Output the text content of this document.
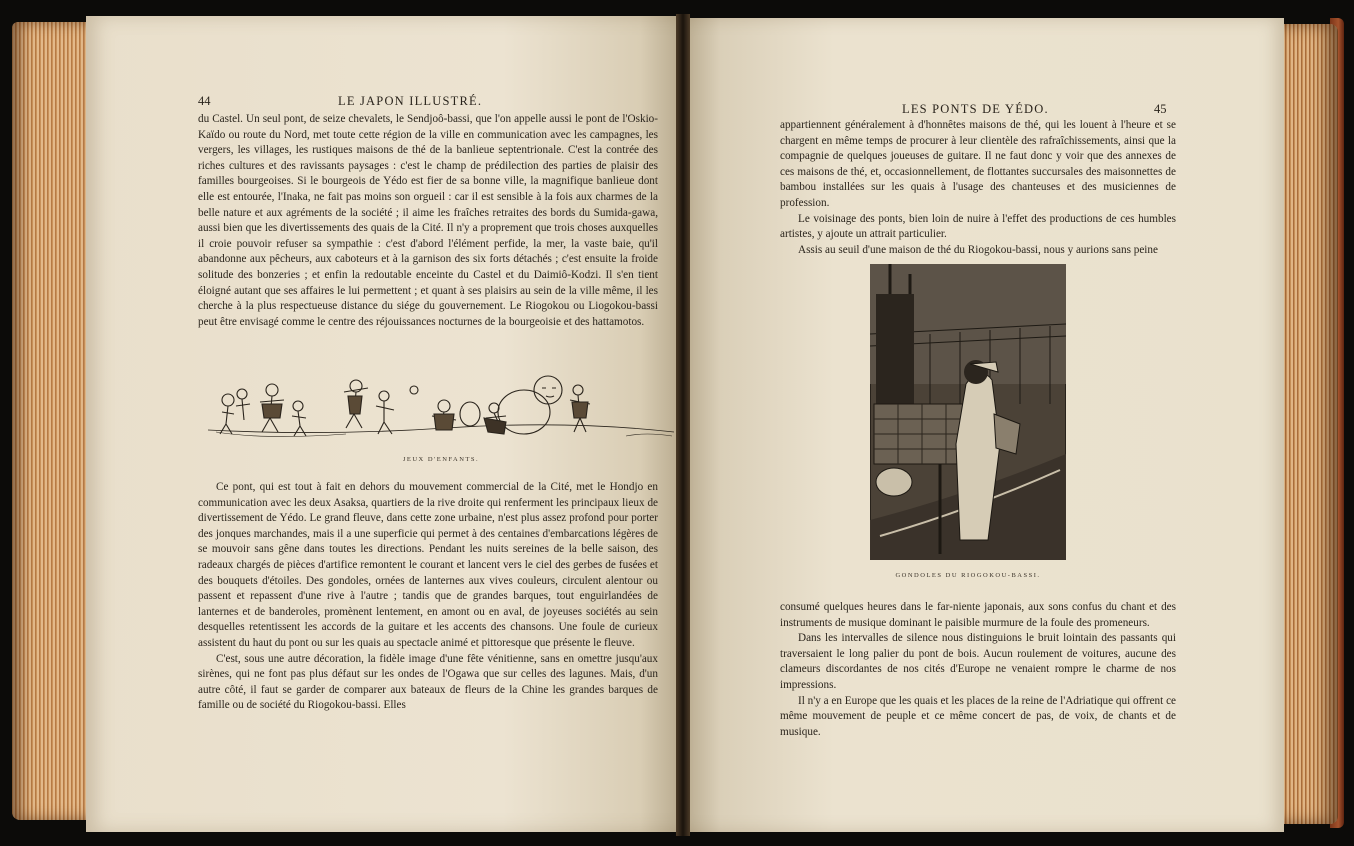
44	LE JAPON ILLUSTRÉ.

du Castel. Un seul pont, de seize chevalets, le Sendjoô-bassi, que l'on appelle aussi le pont de l'Oskio-Kaïdo ou route du Nord, met toute cette région de la ville en communication avec les campagnes, les vergers, les villages, les rustiques maisons de thé de la banlieue septentrionale. C'est la contrée des riches cultures et des ravissants paysages : c'est le champ de prédilection des parties de plaisir des familles bourgeoises. Si le bourgeois de Yédo est fier de sa bonne ville, la magnifique banlieue dont elle est entourée, l'Inaka, ne fait pas moins son orgueil : car il est sensible à la fois aux charmes de la belle nature et aux agréments de la société ; il aime les fraîches retraites des bords du Sumida-gawa, aussi bien que les divertissements des quais de la Cité. Il n'y a proprement que trois choses auxquelles il croie pouvoir refuser sa sympathie : c'est d'abord l'élément perfide, la mer, la vaste baie, qu'il abandonne aux pêcheurs, aux caboteurs et à la garnison des six forts détachés ; c'est ensuite la froide solitude des bonzeries ; et enfin la redoutable enceinte du Castel et du Daimiô-Kodzi. Il s'en tient éloigné autant que ses affaires le lui permettent ; et quant à ses plaisirs au sein de la ville même, il les cherche à la plus respectueuse distance du siége du gouvernement. Le Riogokou ou Liogokou-bassi peut être envisagé comme le centre des réjouissances nocturnes de la bourgeoisie et des hattamotos.

JEUX D'ENFANTS.

Ce pont, qui est tout à fait en dehors du mouvement commercial de la Cité, met le Hondjo en communication avec les deux Asaksa, quartiers de la rive droite qui renferment les principaux lieux de divertissement de Yédo. Le grand fleuve, dans cette zone urbaine, n'est plus assez profond pour porter des jonques marchandes, mais il a une superficie qui permet à des centaines d'embarcations légères de se mouvoir sans gêne dans toutes les directions. Pendant les nuits sereines de la belle saison, des radeaux chargés de pièces d'artifice remontent le courant et lancent vers le ciel des gerbes de fusées et des bouquets d'étoiles. Des gondoles, ornées de lanternes aux vives couleurs, circulent alentour ou passent et repassent d'une rive à l'autre ; tandis que de grandes barques, tout enguirlandées de lanternes et de banderoles, promènent lentement, en amont ou en aval, de joyeuses sociétés au sein desquelles retentissent les accords de la guitare et les accents des chansons. Une foule de curieux assistent du haut du pont ou sur les quais au spectacle animé et pittoresque que présente le fleuve.

C'est, sous une autre décoration, la fidèle image d'une fête vénitienne, sans en omettre jusqu'aux sirènes, qui ne font pas plus défaut sur les ondes de l'Ogawa que sur celles des lagunes. Mais, d'un autre côté, il faut se garder de comparer aux bateaux de fleurs de la Chine les grandes barques de famille ou de société du Riogokou-bassi. Elles

LES PONTS DE YÉDO.	45

appartiennent généralement à d'honnêtes maisons de thé, qui les louent à l'heure et se chargent en même temps de procurer à leur clientèle des rafraîchissements, ainsi que la compagnie de quelques joueuses de guitare. Il ne faut donc y voir que des annexes de ces maisons de thé, et, occasionnellement, de flottantes succursales des maisonnettes de bambou installées sur les quais à l'usage des chanteuses et des musiciennes de profession.

Le voisinage des ponts, bien loin de nuire à l'effet des productions de ces humbles artistes, y ajoute un attrait particulier.

Assis au seuil d'une maison de thé du Riogokou-bassi, nous y aurions sans peine

GONDOLES DU RIOGOKOU-BASSI.

consumé quelques heures dans le far-niente japonais, aux sons confus du chant et des instruments de musique dominant le paisible murmure de la foule des promeneurs.

Dans les intervalles de silence nous distinguions le bruit lointain des passants qui traversaient le long palier du pont de bois. Aucun roulement de voitures, aucune des clameurs discordantes de nos cités d'Europe ne venaient rompre le charme de nos impressions.

Il n'y a en Europe que les quais et les places de la reine de l'Adriatique qui offrent ce même mouvement de peuple et ce même concert de pas, de voix, de chants et de musique.
